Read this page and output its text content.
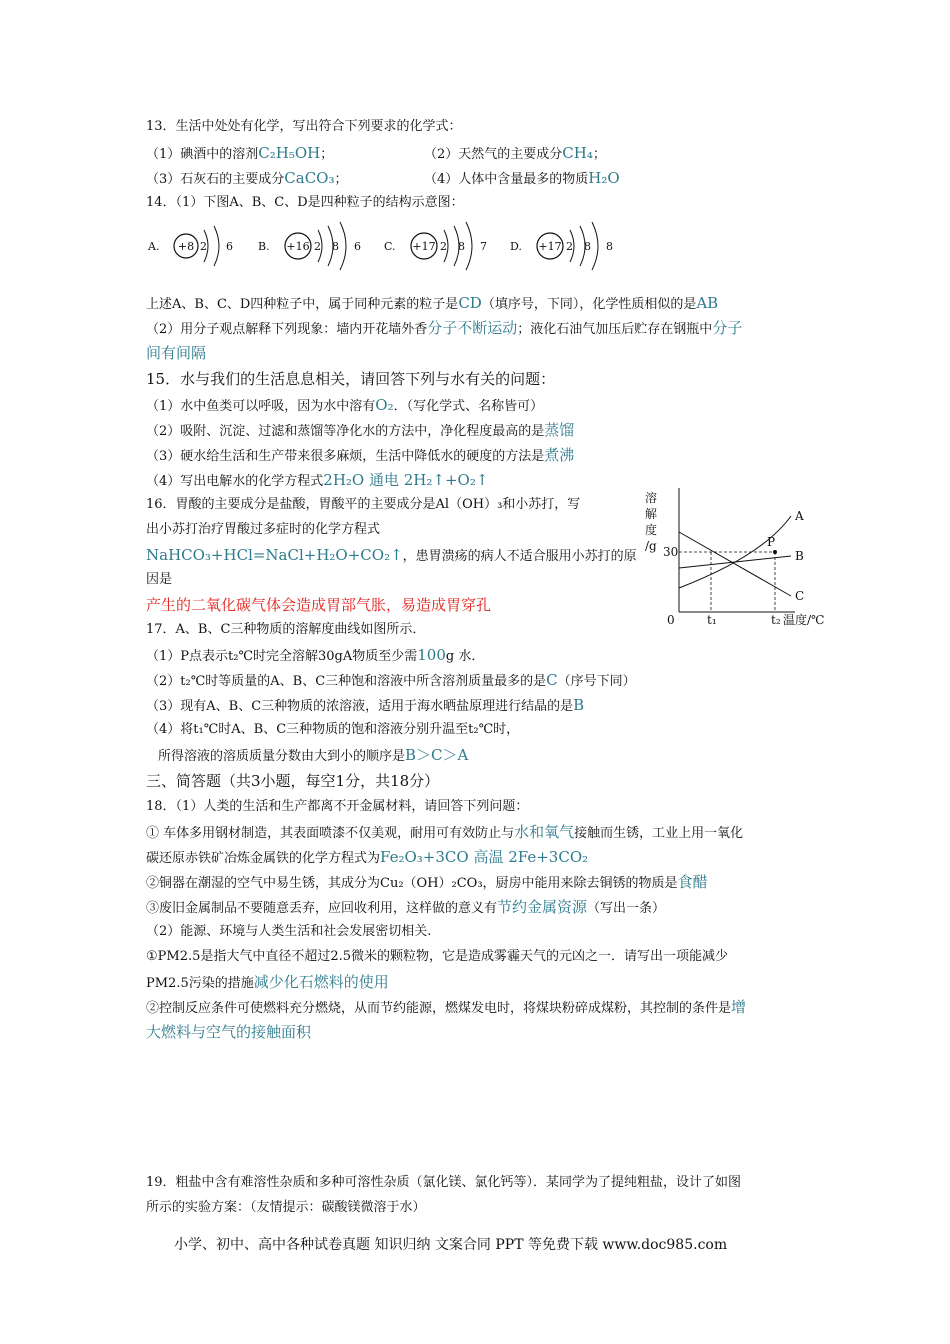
13．生活中处处有化学，写出符合下列要求的化学式：
（1）碘酒中的溶剂C₂H₅OH；	（2）天然气的主要成分CH₄；
（3）石灰石的主要成分CaCO₃；	（4）人体中含量最多的物质H₂O
14．（1）下图A、B、C、D是四种粒子的结构示意图：
A. +8 2 6 B. +16 2 8 6 C. +17 2 8 7 D. +17 2 8 8
上述A、B、C、D四种粒子中，属于同种元素的粒子是CD（填序号，下同），化学性质相似的是AB
（2）用分子观点解释下列现象：墙内开花墙外香分子不断运动；液化石油气加压后贮存在钢瓶中分子
间有间隔
15．水与我们的生活息息相关，请回答下列与水有关的问题：
（1）水中鱼类可以呼吸，因为水中溶有O₂．（写化学式、名称皆可）
（2）吸附、沉淀、过滤和蒸馏等净化水的方法中，净化程度最高的是蒸馏
（3）硬水给生活和生产带来很多麻烦，生活中降低水的硬度的方法是煮沸
（4）写出电解水的化学方程式2H₂O 通电 2H₂↑+O₂↑
16．胃酸的主要成分是盐酸，胃酸平的主要成分是Al（OH）₃和小苏打，写
出小苏打治疗胃酸过多症时的化学方程式
NaHCO₃+HCl=NaCl+H₂O+CO₂↑，患胃溃疡的病人不适合服用小苏打的原
因是
产生的二氧化碳气体会造成胃部气胀，易造成胃穿孔
溶
解
度
/g
0
30
A
B
C
t₁	t₂ 温度/℃
P
17．A、B、C三种物质的溶解度曲线如图所示．
（1）P点表示t₂℃时完全溶解30gA物质至少需100g 水．
（2）t₂℃时等质量的A、B、C三种饱和溶液中所含溶剂质量最多的是C（序号下同）
（3）现有A、B、C三种物质的浓溶液，适用于海水晒盐原理进行结晶的是B
（4）将t₁℃时A、B、C三种物质的饱和溶液分别升温至t₂℃时，
所得溶液的溶质质量分数由大到小的顺序是B＞C＞A
三、简答题（共3小题，每空1分，共18分）
18．（1）人类的生活和生产都离不开金属材料，请回答下列问题：
① 车体多用钢材制造，其表面喷漆不仅美观，耐用可有效防止与水和氧气接触而生锈，工业上用一氧化
碳还原赤铁矿冶炼金属铁的化学方程式为Fe₂O₃+3CO 高温 2Fe+3CO₂
②铜器在潮湿的空气中易生锈，其成分为Cu₂（OH）₂CO₃，厨房中能用来除去铜锈的物质是食醋
③废旧金属制品不要随意丢弃，应回收利用，这样做的意义有节约金属资源（写出一条）
（2）能源、环境与人类生活和社会发展密切相关.
①PM2.5是指大气中直径不超过2.5微米的颗粒物，它是造成雾霾天气的元凶之一．请写出一项能减少
PM2.5污染的措施减少化石燃料的使用
②控制反应条件可使燃料充分燃烧，从而节约能源，燃煤发电时，将煤块粉碎成煤粉，其控制的条件是增
大燃料与空气的接触面积
19．粗盐中含有难溶性杂质和多种可溶性杂质（氯化镁、氯化钙等）．某同学为了提纯粗盐，设计了如图
所示的实验方案：（友情提示：碳酸镁微溶于水）
小学、初中、高中各种试卷真题 知识归纳 文案合同 PPT 等免费下载 www.doc985.com
